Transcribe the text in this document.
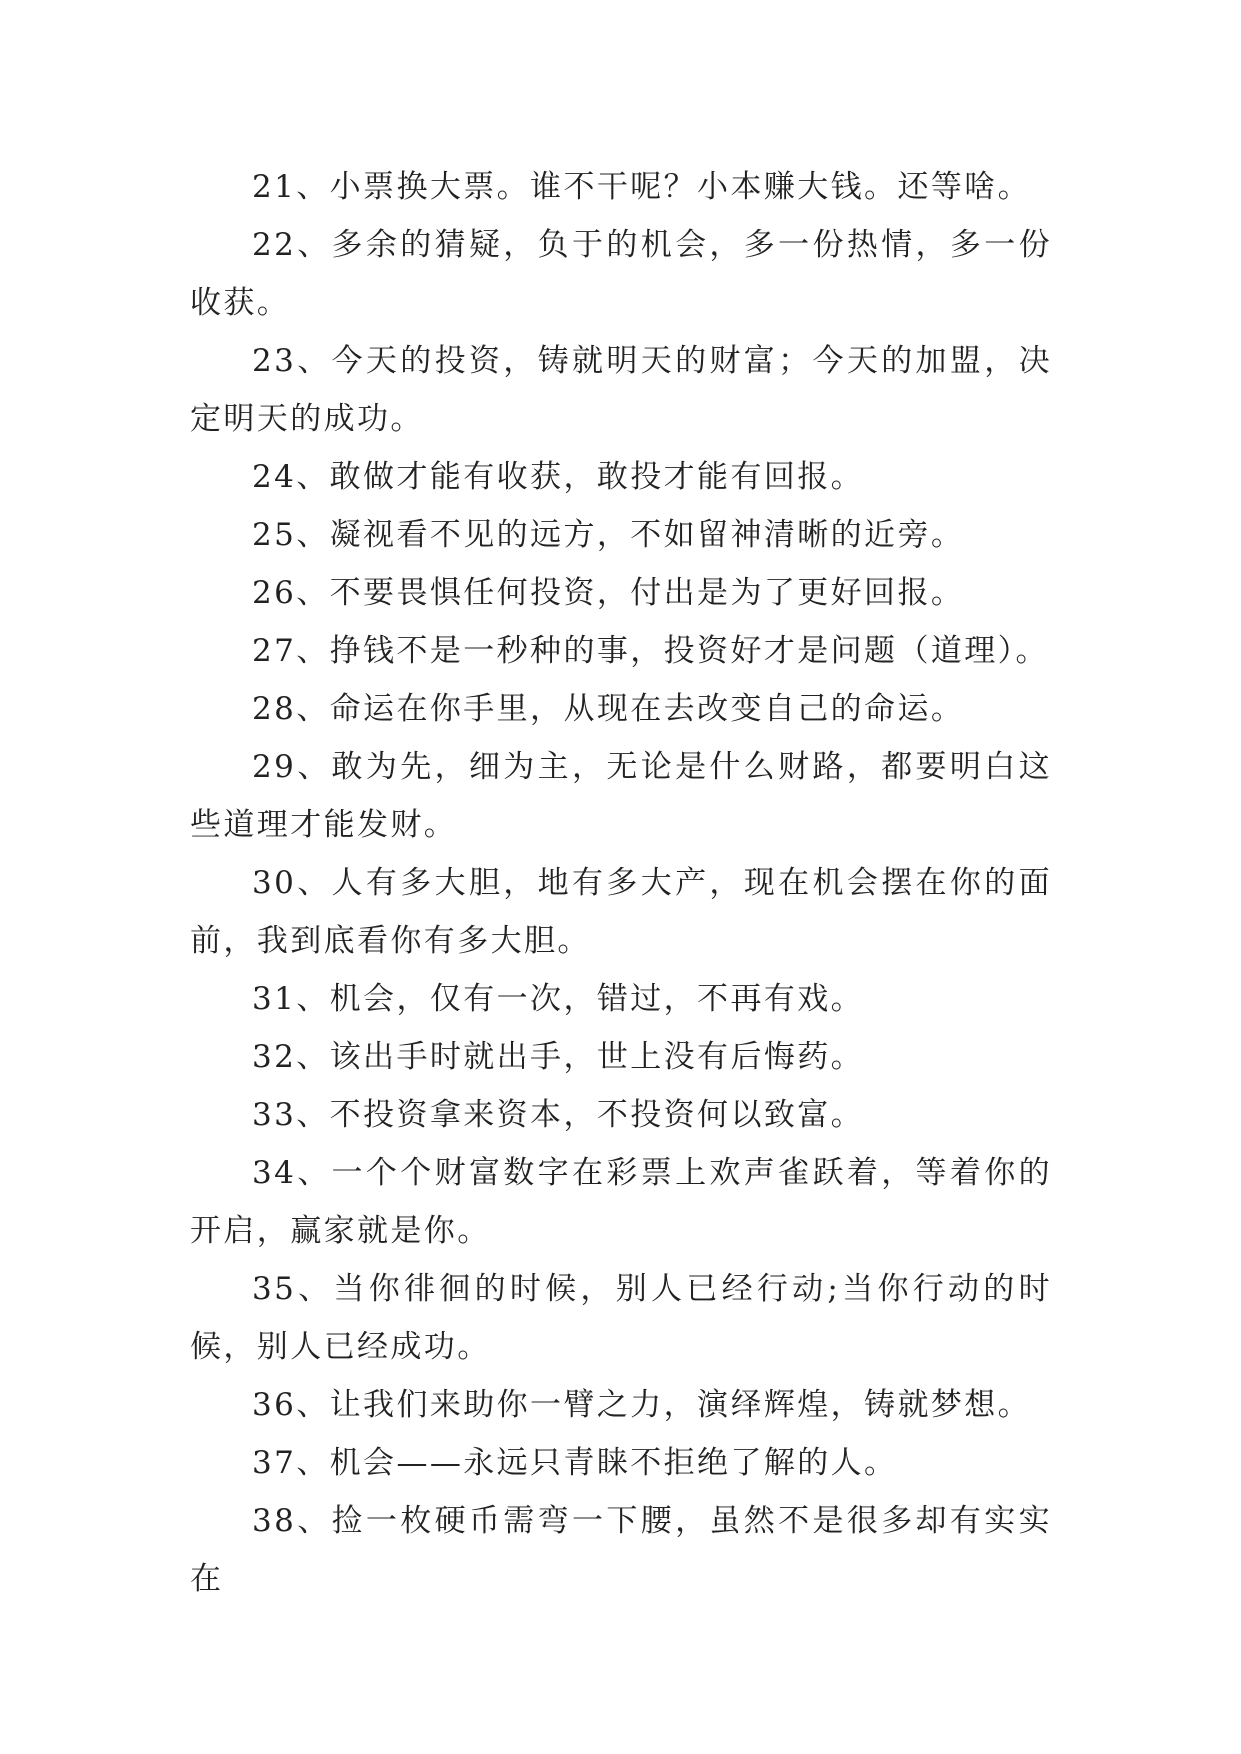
21、小票换大票。谁不干呢？小本赚大钱。还等啥。

22、多余的猜疑，负于的机会，多一份热情，多一份收获。

23、今天的投资，铸就明天的财富；今天的加盟，决定明天的成功。

24、敢做才能有收获，敢投才能有回报。

25、凝视看不见的远方，不如留神清晰的近旁。

26、不要畏惧任何投资，付出是为了更好回报。

27、挣钱不是一秒种的事，投资好才是问题（道理）。

28、命运在你手里，从现在去改变自己的命运。

29、敢为先，细为主，无论是什么财路，都要明白这些道理才能发财。

30、人有多大胆，地有多大产，现在机会摆在你的面前，我到底看你有多大胆。

31、机会，仅有一次，错过，不再有戏。

32、该出手时就出手，世上没有后悔药。

33、不投资拿来资本，不投资何以致富。

34、一个个财富数字在彩票上欢声雀跃着，等着你的开启，赢家就是你。

35、当你徘徊的时候，别人已经行动;当你行动的时候，别人已经成功。

36、让我们来助你一臂之力，演绎辉煌，铸就梦想。

37、机会——永远只青睐不拒绝了解的人。

38、捡一枚硬币需弯一下腰，虽然不是很多却有实实在
